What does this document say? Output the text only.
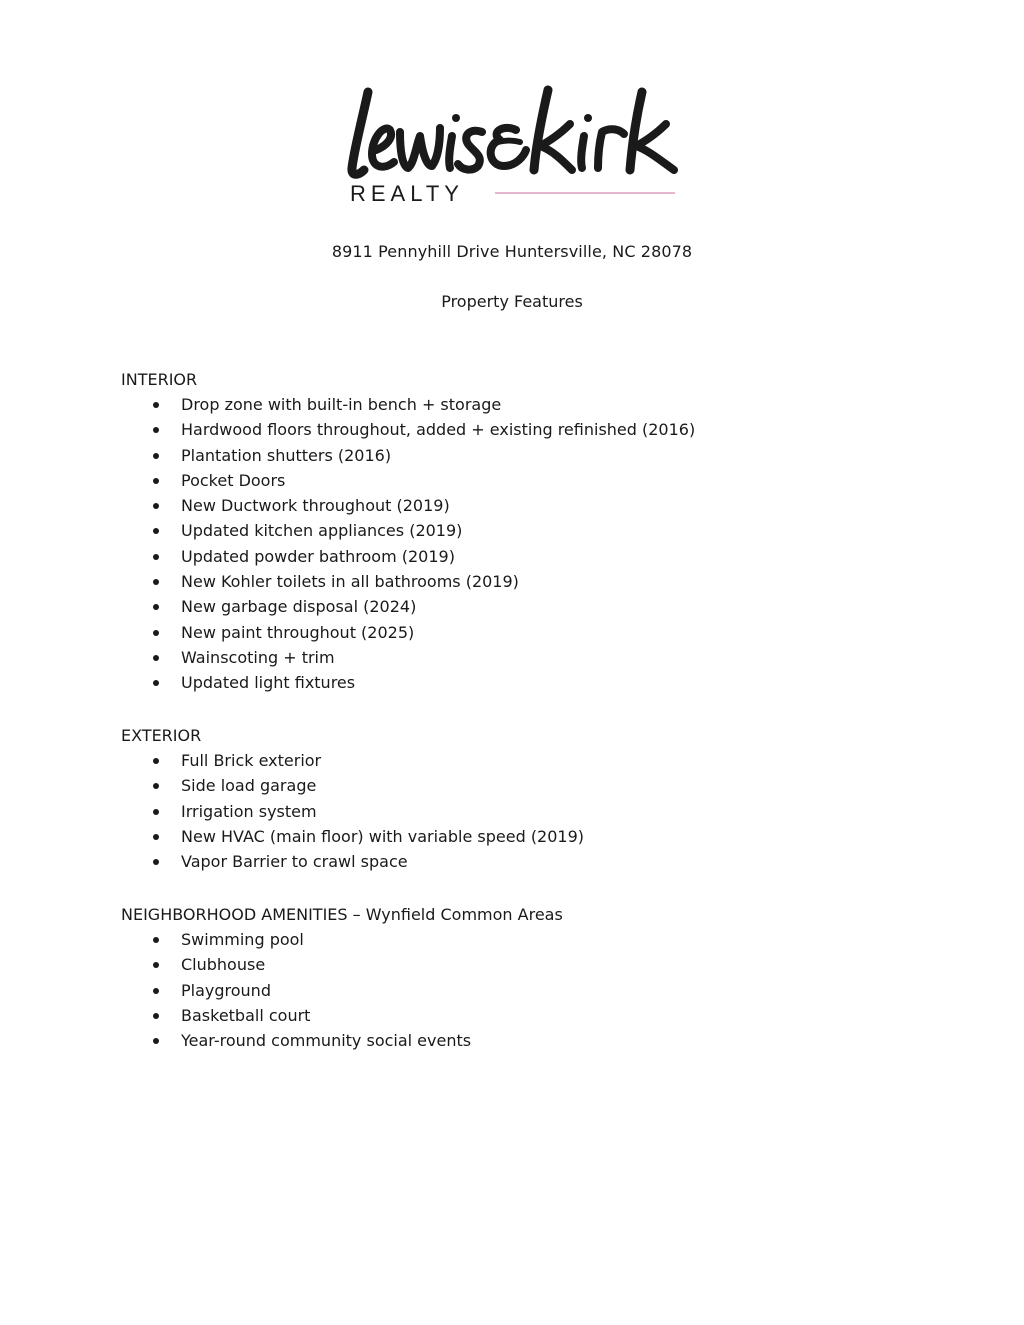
REALTY
8911 Pennyhill Drive Huntersville, NC 28078
Property Features
INTERIOR
Drop zone with built-in bench + storage
Hardwood floors throughout, added + existing refinished (2016)
Plantation shutters (2016)
Pocket Doors
New Ductwork throughout (2019)
Updated kitchen appliances (2019)
Updated powder bathroom (2019)
New Kohler toilets in all bathrooms (2019)
New garbage disposal (2024)
New paint throughout (2025)
Wainscoting + trim
Updated light fixtures
EXTERIOR
Full Brick exterior
Side load garage
Irrigation system
New HVAC (main floor) with variable speed (2019)
Vapor Barrier to crawl space
NEIGHBORHOOD AMENITIES – Wynfield Common Areas
Swimming pool
Clubhouse
Playground
Basketball court
Year-round community social events
